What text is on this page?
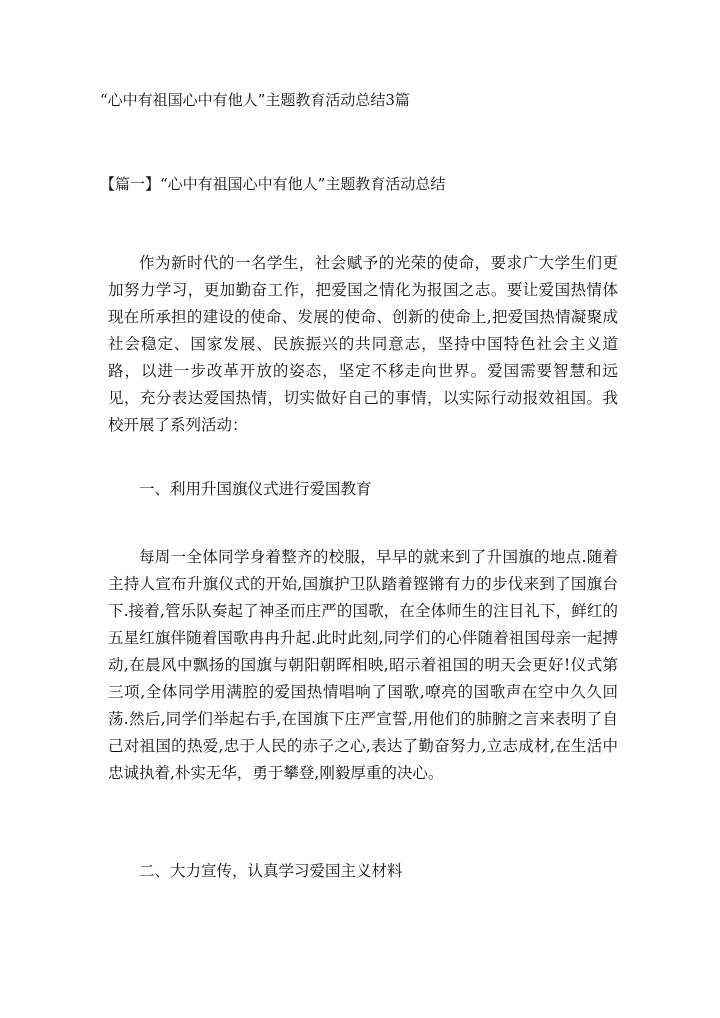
“心中有祖国心中有他人”主题教育活动总结3篇
【篇一】“心中有祖国心中有他人”主题教育活动总结

作为新时代的一名学生，社会赋予的光荣的使命，要求广大学生们更加努力学习，更加勤奋工作，把爱国之情化为报国之志。要让爱国热情体现在所承担的建设的使命、发展的使命、创新的使命上,把爱国热情凝聚成社会稳定、国家发展、民族振兴的共同意志，坚持中国特色社会主义道路，以进一步改革开放的姿态，坚定不移走向世界。爱国需要智慧和远见，充分表达爱国热情，切实做好自己的事情，以实际行动报效祖国。我校开展了系列活动：

一、利用升国旗仪式进行爱国教育

每周一全体同学身着整齐的校服，早早的就来到了升国旗的地点.随着主持人宣布升旗仪式的开始,国旗护卫队踏着铿锵有力的步伐来到了国旗台下.接着,管乐队奏起了神圣而庄严的国歌，在全体师生的注目礼下，鲜红的五星红旗伴随着国歌冉冉升起.此时此刻,同学们的心伴随着祖国母亲一起搏动,在晨风中飘扬的国旗与朝阳朝晖相映,昭示着祖国的明天会更好!仪式第三项,全体同学用满腔的爱国热情唱响了国歌,嘹亮的国歌声在空中久久回荡.然后,同学们举起右手,在国旗下庄严宣誓,用他们的肺腑之言来表明了自己对祖国的热爱,忠于人民的赤子之心,表达了勤奋努力,立志成材,在生活中忠诚执着,朴实无华，勇于攀登,刚毅厚重的决心。

二、大力宣传，认真学习爱国主义材料
